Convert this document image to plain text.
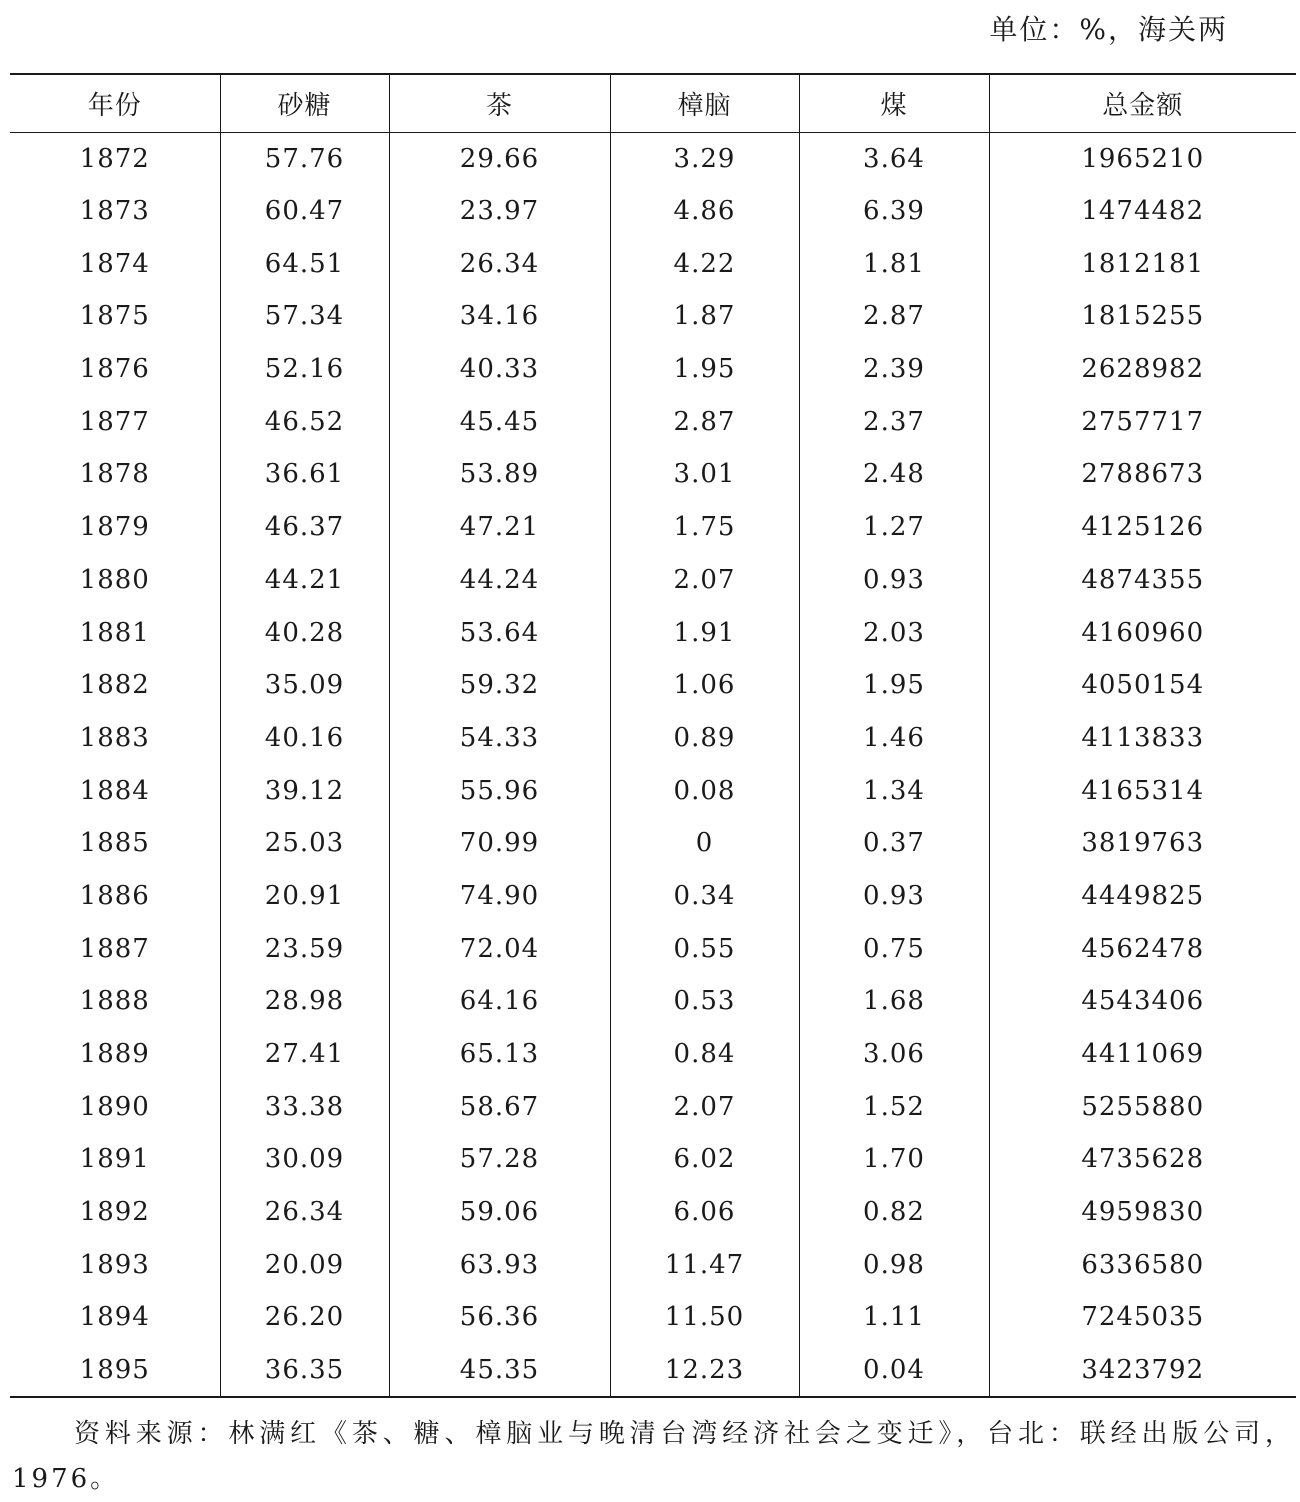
单位：%，海关两
年份	砂糖	茶	樟脑	煤	总金额
1872	57.76	29.66	3.29	3.64	1965210
1873	60.47	23.97	4.86	6.39	1474482
1874	64.51	26.34	4.22	1.81	1812181
1875	57.34	34.16	1.87	2.87	1815255
1876	52.16	40.33	1.95	2.39	2628982
1877	46.52	45.45	2.87	2.37	2757717
1878	36.61	53.89	3.01	2.48	2788673
1879	46.37	47.21	1.75	1.27	4125126
1880	44.21	44.24	2.07	0.93	4874355
1881	40.28	53.64	1.91	2.03	4160960
1882	35.09	59.32	1.06	1.95	4050154
1883	40.16	54.33	0.89	1.46	4113833
1884	39.12	55.96	0.08	1.34	4165314
1885	25.03	70.99	0	0.37	3819763
1886	20.91	74.90	0.34	0.93	4449825
1887	23.59	72.04	0.55	0.75	4562478
1888	28.98	64.16	0.53	1.68	4543406
1889	27.41	65.13	0.84	3.06	4411069
1890	33.38	58.67	2.07	1.52	5255880
1891	30.09	57.28	6.02	1.70	4735628
1892	26.34	59.06	6.06	0.82	4959830
1893	20.09	63.93	11.47	0.98	6336580
1894	26.20	56.36	11.50	1.11	7245035
1895	36.35	45.35	12.23	0.04	3423792
资料来源：林满红《茶、糖、樟脑业与晚清台湾经济社会之变迁》，台北：联经出版公司，1976。
